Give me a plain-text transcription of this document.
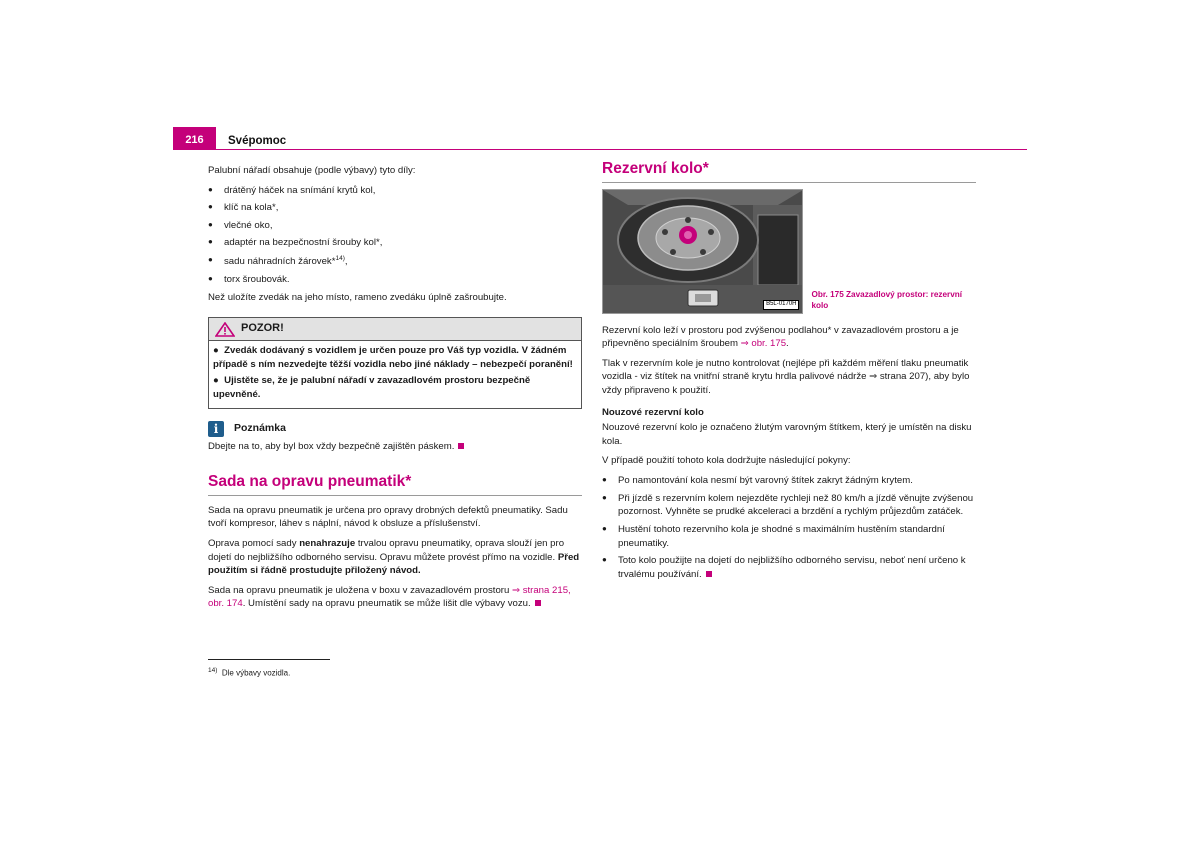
216	Svépomoc

Palubní nářadí obsahuje (podle výbavy) tyto díly:

● drátěný háček na snímání krytů kol,
● klíč na kola*,
● vlečné oko,
● adaptér na bezpečnostní šrouby kol*,
● sadu náhradních žárovek*$^{14)}$,
● torx šroubovák.

Než uložíte zvedák na jeho místo, rameno zvedáku úplně zašroubujte.

POZOR!

●  Zvedák dodávaný s vozidlem je určen pouze pro Váš typ vozidla. V žádném případě s ním nezvedejte těžší vozidla nebo jiné náklady – nebezpečí poranění!

●  Ujistěte se, že je palubní nářadí v zavazadlovém prostoru bezpečně upevněné.

i	Poznámka

Dbejte na to, aby byl box vždy bezpečně zajištěn páskem.

Sada na opravu pneumatik*

Sada na opravu pneumatik je určena pro opravy drobných defektů pneumatiky. Sadu tvoří kompresor, láhev s náplní, návod k obsluze a příslušenství.

Oprava pomocí sady nenahrazuje trvalou opravu pneumatiky, oprava slouží jen pro dojetí do nejbližšího odborného servisu. Opravu můžete provést přímo na vozidle. Před použitím si řádně prostudujte přiložený návod.

Sada na opravu pneumatik je uložena v boxu v zavazadlovém prostoru ⇒ strana 215, obr. 174. Umístění sady na opravu pneumatik se může lišit dle výbavy vozu.

Rezervní kolo*
B5L-0170H
Obr. 175 Zavazadlový prostor: rezervní kolo

Rezervní kolo leží v prostoru pod zvýšenou podlahou* v zavazadlovém prostoru a je připevněno speciálním šroubem ⇒ obr. 175.

Tlak v rezervním kole je nutno kontrolovat (nejlépe při každém měření tlaku pneumatik vozidla - viz štítek na vnitřní straně krytu hrdla palivové nádrže ⇒ strana 207), aby bylo vždy připraveno k použití.

Nouzové rezervní kolo

Nouzové rezervní kolo je označeno žlutým varovným štítkem, který je umístěn na disku kola.

V případě použití tohoto kola dodržujte následující pokyny:

● Po namontování kola nesmí být varovný štítek zakryt žádným krytem.
● Při jízdě s rezervním kolem nejezděte rychleji než 80 km/h a jízdě věnujte zvýšenou pozornost. Vyhněte se prudké akceleraci a brzdění a rychlým průjezdům zatáček.
● Hustění tohoto rezervního kola je shodné s maximálním hustěním standardní pneumatiky.
● Toto kolo použijte na dojetí do nejbližšího odborného servisu, neboť není určeno k trvalému používání.
$^{14)}$ Dle výbavy vozidla.
